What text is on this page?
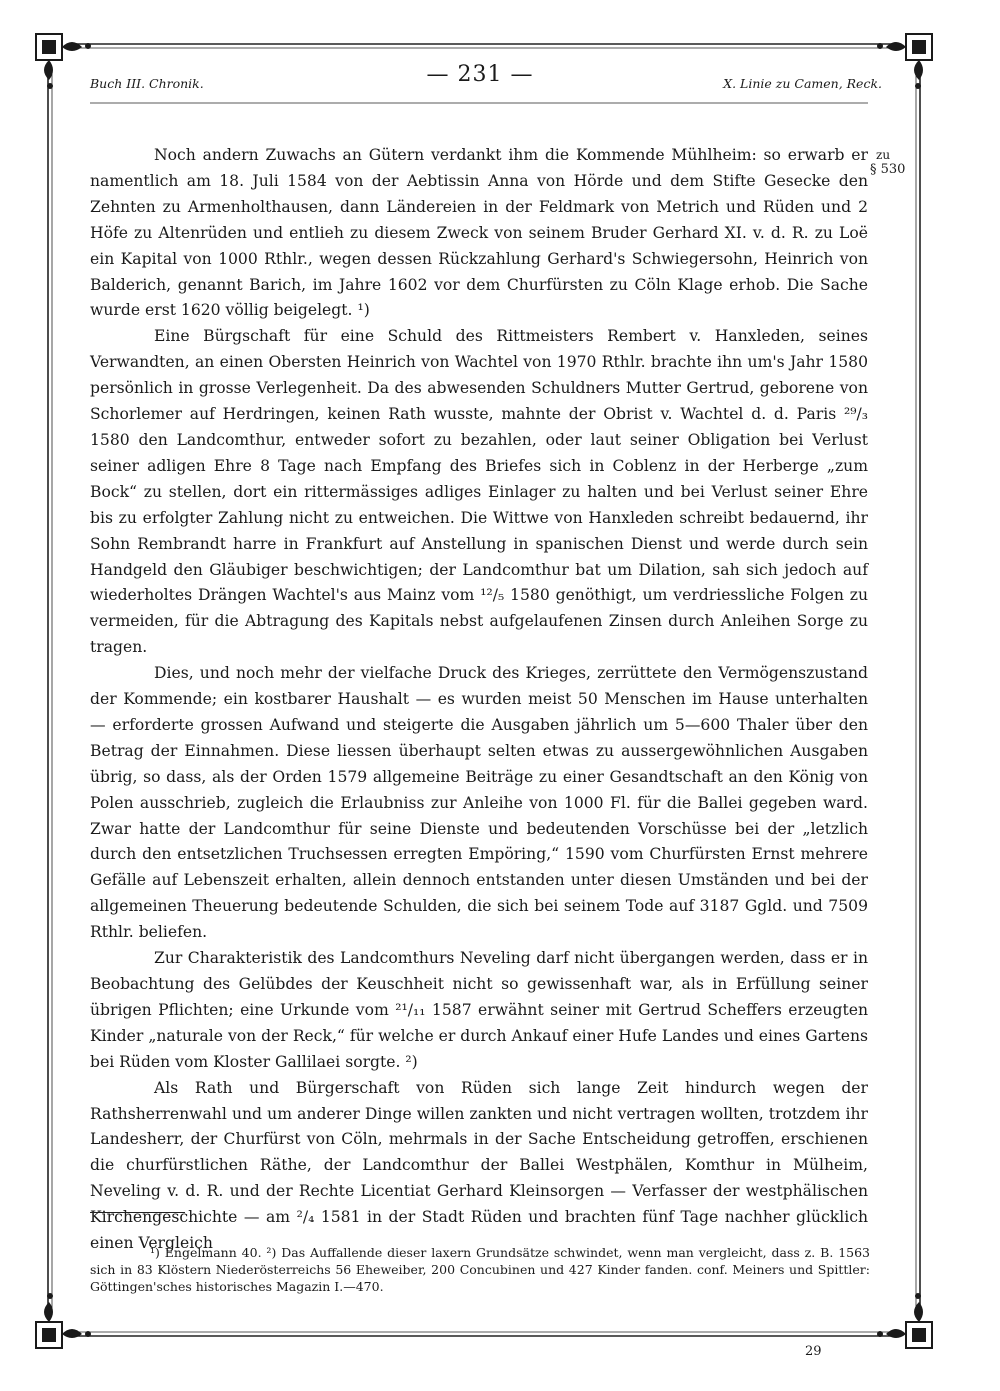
Buch III. Chronik.	— 231 —	X. Linie zu Camen, Reck.
zu
§ 530

Noch andern Zuwachs an Gütern verdankt ihm die Kommende Mühlheim: so erwarb er namentlich am 18. Juli 1584 von der Aebtissin Anna von Hörde und dem Stifte Gesecke den Zehnten zu Armenholthausen, dann Ländereien in der Feldmark von Metrich und Rüden und 2 Höfe zu Altenrüden und entlieh zu diesem Zweck von seinem Bruder Gerhard XI. v. d. R. zu Loë ein Kapital von 1000 Rthlr., wegen dessen Rückzahlung Gerhard's Schwiegersohn, Heinrich von Balderich, genannt Barich, im Jahre 1602 vor dem Churfürsten zu Cöln Klage erhob. Die Sache wurde erst 1620 völlig beigelegt. ¹)

Eine Bürgschaft für eine Schuld des Rittmeisters Rembert v. Hanxleden, seines Verwandten, an einen Obersten Heinrich von Wachtel von 1970 Rthlr. brachte ihn um's Jahr 1580 persönlich in grosse Verlegenheit. Da des abwesenden Schuldners Mutter Gertrud, geborene von Schorlemer auf Herdringen, keinen Rath wusste, mahnte der Obrist v. Wachtel d. d. Paris ²⁹/₃ 1580 den Landcomthur, entweder sofort zu bezahlen, oder laut seiner Obligation bei Verlust seiner adligen Ehre 8 Tage nach Empfang des Briefes sich in Coblenz in der Herberge „zum Bock“ zu stellen, dort ein rittermässiges adliges Einlager zu halten und bei Verlust seiner Ehre bis zu erfolgter Zahlung nicht zu entweichen. Die Wittwe von Hanxleden schreibt bedauernd, ihr Sohn Rembrandt harre in Frankfurt auf Anstellung in spanischen Dienst und werde durch sein Handgeld den Gläubiger beschwichtigen; der Landcomthur bat um Dilation, sah sich jedoch auf wiederholtes Drängen Wachtel's aus Mainz vom ¹²/₅ 1580 genöthigt, um verdriessliche Folgen zu vermeiden, für die Abtragung des Kapitals nebst aufgelaufenen Zinsen durch Anleihen Sorge zu tragen.

Dies, und noch mehr der vielfache Druck des Krieges, zerrüttete den Vermögenszustand der Kommende; ein kostbarer Haushalt — es wurden meist 50 Menschen im Hause unterhalten — erforderte grossen Aufwand und steigerte die Ausgaben jährlich um 5—600 Thaler über den Betrag der Einnahmen. Diese liessen überhaupt selten etwas zu aussergewöhnlichen Ausgaben übrig, so dass, als der Orden 1579 allgemeine Beiträge zu einer Gesandtschaft an den König von Polen ausschrieb, zugleich die Erlaubniss zur Anleihe von 1000 Fl. für die Ballei gegeben ward. Zwar hatte der Landcomthur für seine Dienste und bedeutenden Vorschüsse bei der „letzlich durch den entsetzlichen Truchsessen erregten Empöring,“ 1590 vom Churfürsten Ernst mehrere Gefälle auf Lebenszeit erhalten, allein dennoch entstanden unter diesen Umständen und bei der allgemeinen Theuerung bedeutende Schulden, die sich bei seinem Tode auf 3187 Ggld. und 7509 Rthlr. beliefen.

Zur Charakteristik des Landcomthurs Neveling darf nicht übergangen werden, dass er in Beobachtung des Gelübdes der Keuschheit nicht so gewissenhaft war, als in Erfüllung seiner übrigen Pflichten; eine Urkunde vom ²¹/₁₁ 1587 erwähnt seiner mit Gertrud Scheffers erzeugten Kinder „naturale von der Reck,“ für welche er durch Ankauf einer Hufe Landes und eines Gartens bei Rüden vom Kloster Gallilaei sorgte. ²)

Als Rath und Bürgerschaft von Rüden sich lange Zeit hindurch wegen der Rathsherrenwahl und um anderer Dinge willen zankten und nicht vertragen wollten, trotzdem ihr Landesherr, der Churfürst von Cöln, mehrmals in der Sache Entscheidung getroffen, erschienen die churfürstlichen Räthe, der Landcomthur der Ballei Westphälen, Komthur in Mülheim, Neveling v. d. R. und der Rechte Licentiat Gerhard Kleinsorgen — Verfasser der westphälischen Kirchengeschichte — am ²/₄ 1581 in der Stadt Rüden und brachten fünf Tage nachher glücklich einen Vergleich

¹) Engelmann 40. ²) Das Auffallende dieser laxern Grundsätze schwindet, wenn man vergleicht, dass z. B. 1563 sich in 83 Klöstern Niederösterreichs 56 Eheweiber, 200 Concubinen und 427 Kinder fanden. conf. Meiners und Spittler: Göttingen'sches historisches Magazin I.—470.
29
